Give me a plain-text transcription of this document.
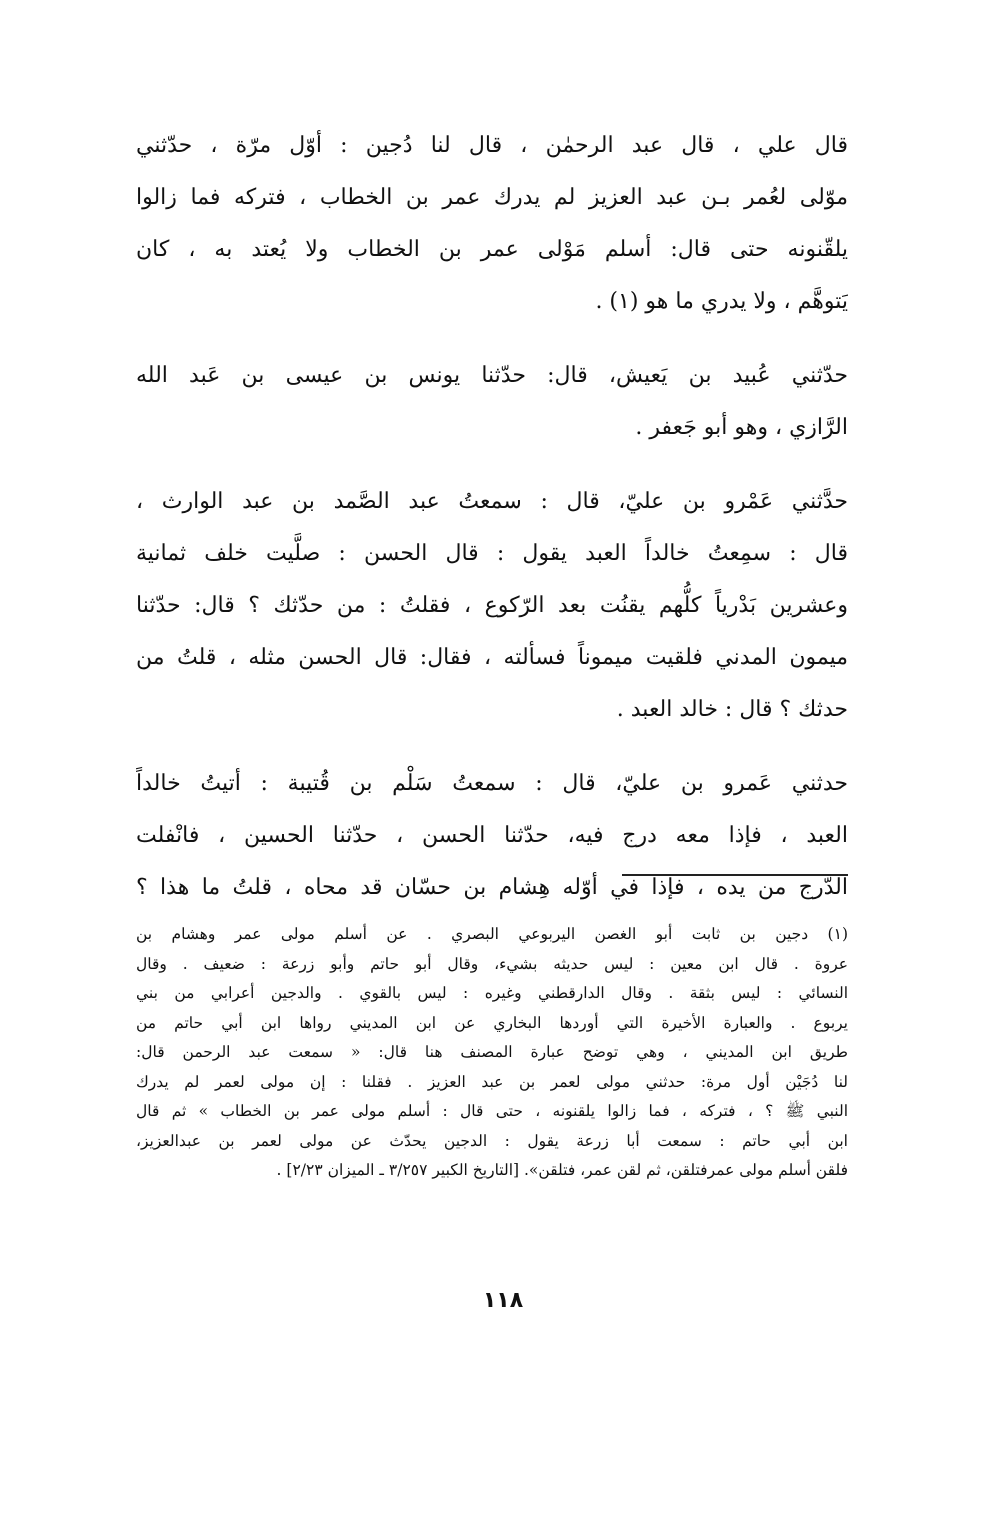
قال علي ، قال عبد الرحمٰن ، قال لنا دُجين : أوّل مرّة ، حدّثني
موّلى لعُمر بـن عبد العزيز لم يدرك عمر بن الخطاب ، فتركه فما زالوا
يلقّنونه حتى قال: أسلم مَوْلى عمر بن الخطاب ولا يُعتد به ، كان
يَتوهَّم ، ولا يدري ما هو (١) .
حدّثني عُبيد بن يَعيش، قال: حدّثنا يونس بن عيسى بن عَبد الله
الرَّازي ، وهو أبو جَعفر .
حدَّثني عَمْرو بن عليّ، قال : سمعتُ عبد الصَّمد بن عبد الوارث ،
قال : سمِعتُ خالداً العبد يقول : قال الحسن : صلَّيت خلف ثمانية
وعشرين بَدْرياً كلُّهم يقنُت بعد الرّكوع ، فقلتُ : من حدّثك ؟ قال: حدّثنا
ميمون المدني فلقيت ميموناً فسألته ، فقال: قال الحسن مثله ، قلتُ من
حدثك ؟ قال : خالد العبد .
حدثني عَمرو بن عليّ، قال : سمعتُ سَلْم بن قُتيبة : أتيتُ خالداً
العبد ، فإذا معه درج فيه، حدّثنا الحسن ، حدّثنا الحسين ، فانْفلت
الدّرج من يده ، فإذا في أوّله هِشام بن حسّان قد محاه ، قلتُ ما هذا ؟
(١) دجين بن ثابت أبو الغصن اليربوعي البصري . عن أسلم مولى عمر وهشام بن
عروة . قال ابن معين : ليس حديثه بشيء، وقال أبو حاتم وأبو زرعة : ضعيف . وقال
النسائي : ليس بثقة . وقال الدارقطني وغيره : ليس بالقوي . والدجين أعرابي من بني
يربوع . والعبارة الأخيرة التي أوردها البخاري عن ابن المديني رواها ابن أبي حاتم من
طريق ابن المديني ، وهي توضح عبارة المصنف هنا قال: « سمعت عبد الرحمن قال:
لنا دُجَيْن أول مرة: حدثني مولى لعمر بن عبد العزيز . فقلنا : إن مولى لعمر لم يدرك
النبي ﷺ ؟ ، فتركه ، فما زالوا يلقنونه ، حتى قال : أسلم مولى عمر بن الخطاب » ثم قال
ابن أبي حاتم : سمعت أبا زرعة يقول : الدجين يحدّث عن مولى لعمر بن عبدالعزيز،
فلقن أسلم مولى عمرفتلقن، ثم لقن عمر، فتلقن». [التاريخ الكبير ٣/٢٥٧ ـ الميزان ٢/٢٣] .
١١٨
